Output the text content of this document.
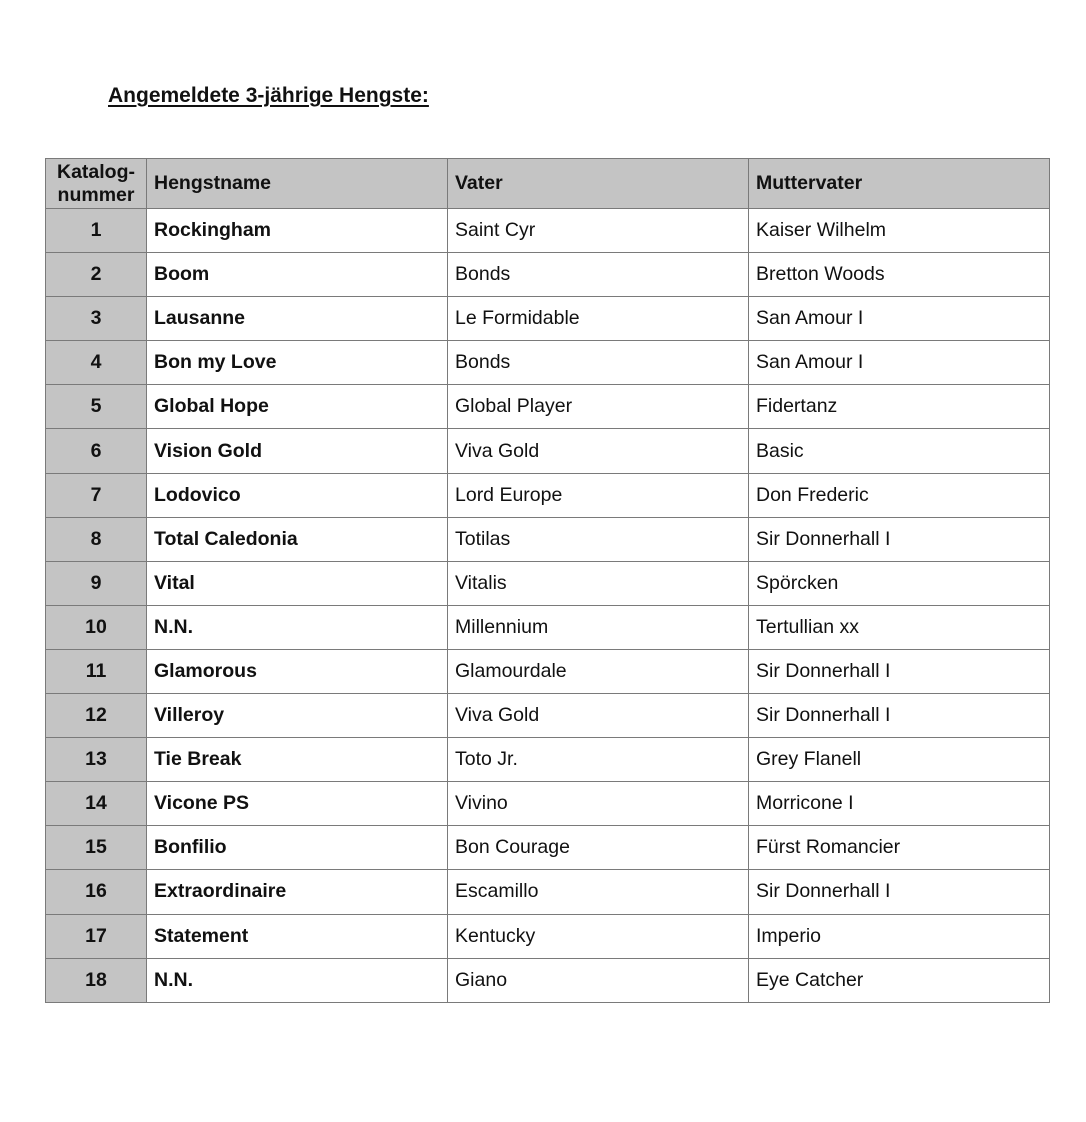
Angemeldete 3-jährige Hengste:
Katalog-
nummer	Hengstname	Vater	Muttervater
1	Rockingham	Saint Cyr	Kaiser Wilhelm
2	Boom	Bonds	Bretton Woods
3	Lausanne	Le Formidable	San Amour I
4	Bon my Love	Bonds	San Amour I
5	Global Hope	Global Player	Fidertanz
6	Vision Gold	Viva Gold	Basic
7	Lodovico	Lord Europe	Don Frederic
8	Total Caledonia	Totilas	Sir Donnerhall I
9	Vital	Vitalis	Spörcken
10	N.N.	Millennium	Tertullian xx
11	Glamorous	Glamourdale	Sir Donnerhall I
12	Villeroy	Viva Gold	Sir Donnerhall I
13	Tie Break	Toto Jr.	Grey Flanell
14	Vicone PS	Vivino	Morricone I
15	Bonfilio	Bon Courage	Fürst Romancier
16	Extraordinaire	Escamillo	Sir Donnerhall I
17	Statement	Kentucky	Imperio
18	N.N.	Giano	Eye Catcher
